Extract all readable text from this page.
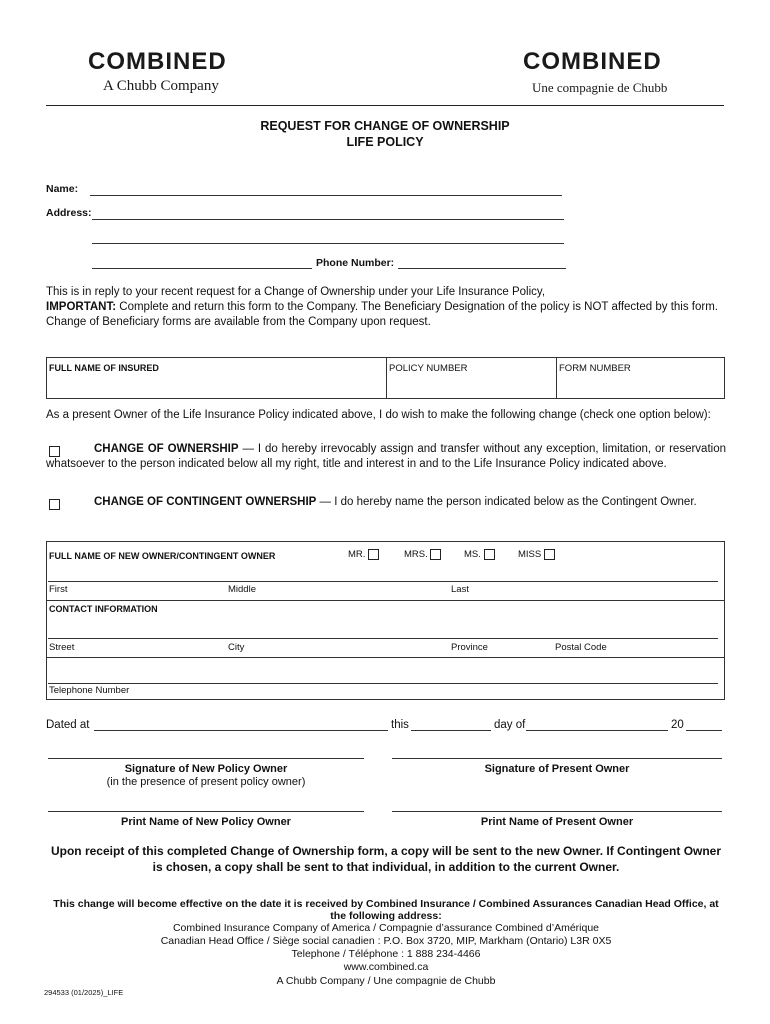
COMBINED
A Chubb Company
COMBINED
Une compagnie de Chubb
REQUEST FOR CHANGE OF OWNERSHIP
LIFE POLICY
Name:
Address:
Phone Number:
This is in reply to your recent request for a Change of Ownership under your Life Insurance Policy,
IMPORTANT: Complete and return this form to the Company. The Beneficiary Designation of the policy is NOT affected by this form. Change of Beneficiary forms are available from the Company upon request.
FULL NAME OF INSURED	POLICY NUMBER	FORM NUMBER
As a present Owner of the Life Insurance Policy indicated above, I do wish to make the following change (check one option below):
CHANGE OF OWNERSHIP — I do hereby irrevocably assign and transfer without any exception, limitation, or reservation whatsoever to the person indicated below all my right, title and interest in and to the Life Insurance Policy indicated above.
CHANGE OF CONTINGENT OWNERSHIP — I do hereby name the person indicated below as the Contingent Owner.
FULL NAME OF NEW OWNER/CONTINGENT OWNER	MR.	MRS.	MS.	MISS
First	Middle	Last
CONTACT INFORMATION
Street	City	Province	Postal Code
Telephone Number
Dated at	this	day of	20
Signature of New Policy Owner
(in the presence of present policy owner)
Signature of Present Owner
Print Name of New Policy Owner	Print Name of Present Owner
Upon receipt of this completed Change of Ownership form, a copy will be sent to the new Owner. If Contingent Owner is chosen, a copy shall be sent to that individual, in addition to the current Owner.
This change will become effective on the date it is received by Combined Insurance / Combined Assurances Canadian Head Office, at the following address:
Combined Insurance Company of America / Compagnie d’assurance Combined d’Amérique
Canadian Head Office / Siège social canadien : P.O. Box 3720, MIP, Markham (Ontario) L3R 0X5
Telephone / Téléphone : 1 888 234-4466
www.combined.ca
A Chubb Company / Une compagnie de Chubb
294533 (01/2025)_LIFE
